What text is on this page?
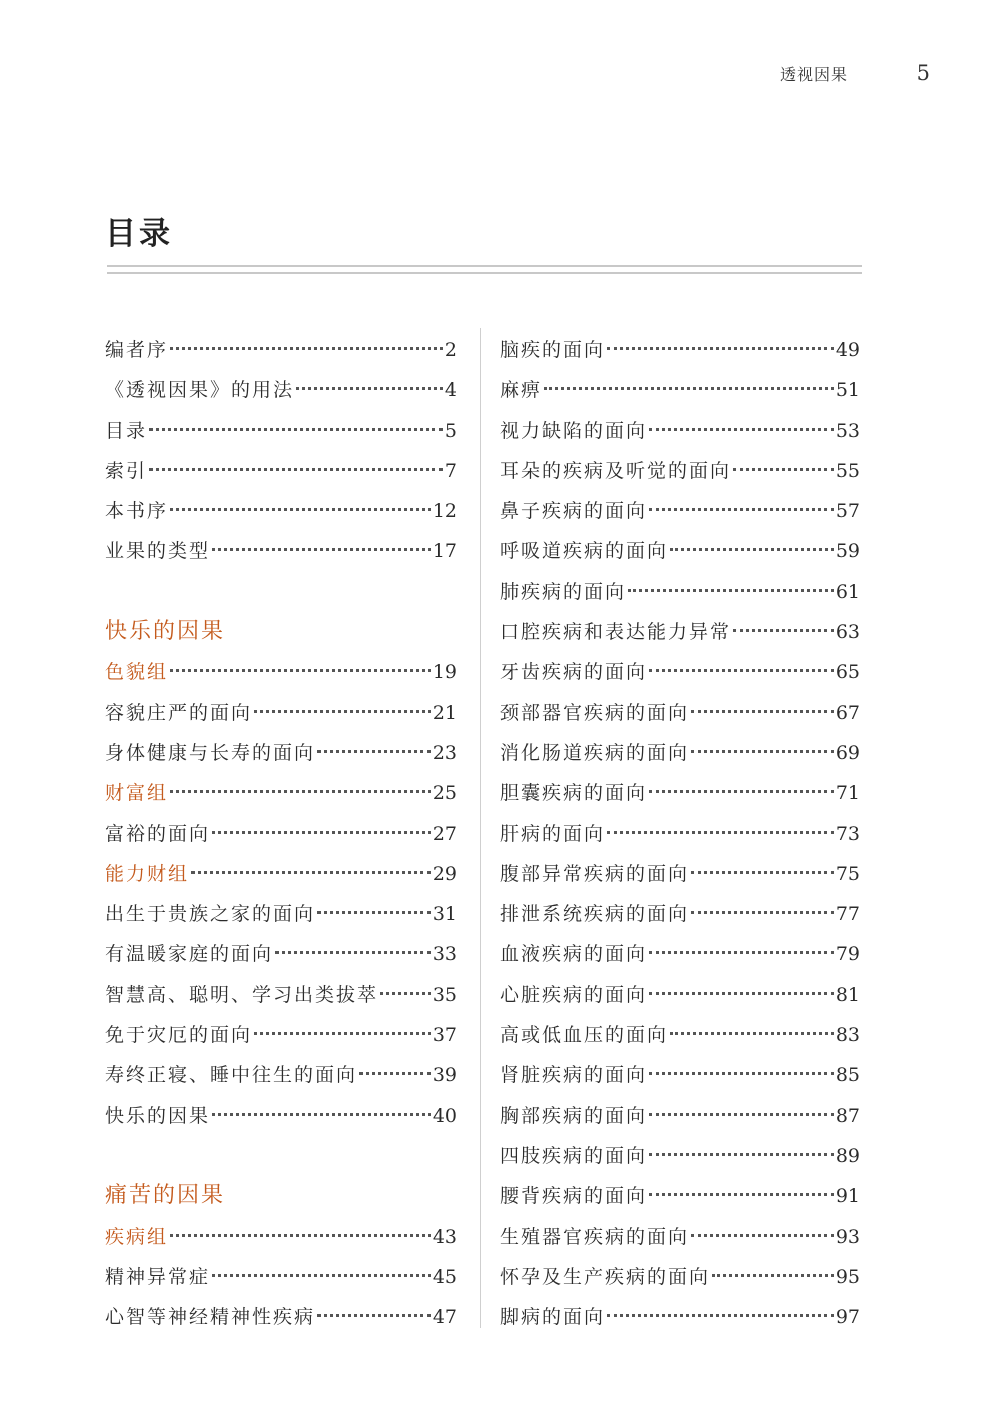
透视因果	5
目录
编者序	2
《透视因果》的用法	4
目录	5
索引	7
本书序	12
业果的类型	17
快乐的因果
色貌组	19
容貌庄严的面向	21
身体健康与长寿的面向	23
财富组	25
富裕的面向	27
能力财组	29
出生于贵族之家的面向	31
有温暖家庭的面向	33
智慧高、聪明、学习出类拔萃	35
免于灾厄的面向	37
寿终正寝、睡中往生的面向	39
快乐的因果	40
痛苦的因果
疾病组	43
精神异常症	45
心智等神经精神性疾病	47
脑疾的面向	49
麻痹	51
视力缺陷的面向	53
耳朵的疾病及听觉的面向	55
鼻子疾病的面向	57
呼吸道疾病的面向	59
肺疾病的面向	61
口腔疾病和表达能力异常	63
牙齿疾病的面向	65
颈部器官疾病的面向	67
消化肠道疾病的面向	69
胆囊疾病的面向	71
肝病的面向	73
腹部异常疾病的面向	75
排泄系统疾病的面向	77
血液疾病的面向	79
心脏疾病的面向	81
高或低血压的面向	83
肾脏疾病的面向	85
胸部疾病的面向	87
四肢疾病的面向	89
腰背疾病的面向	91
生殖器官疾病的面向	93
怀孕及生产疾病的面向	95
脚病的面向	97
